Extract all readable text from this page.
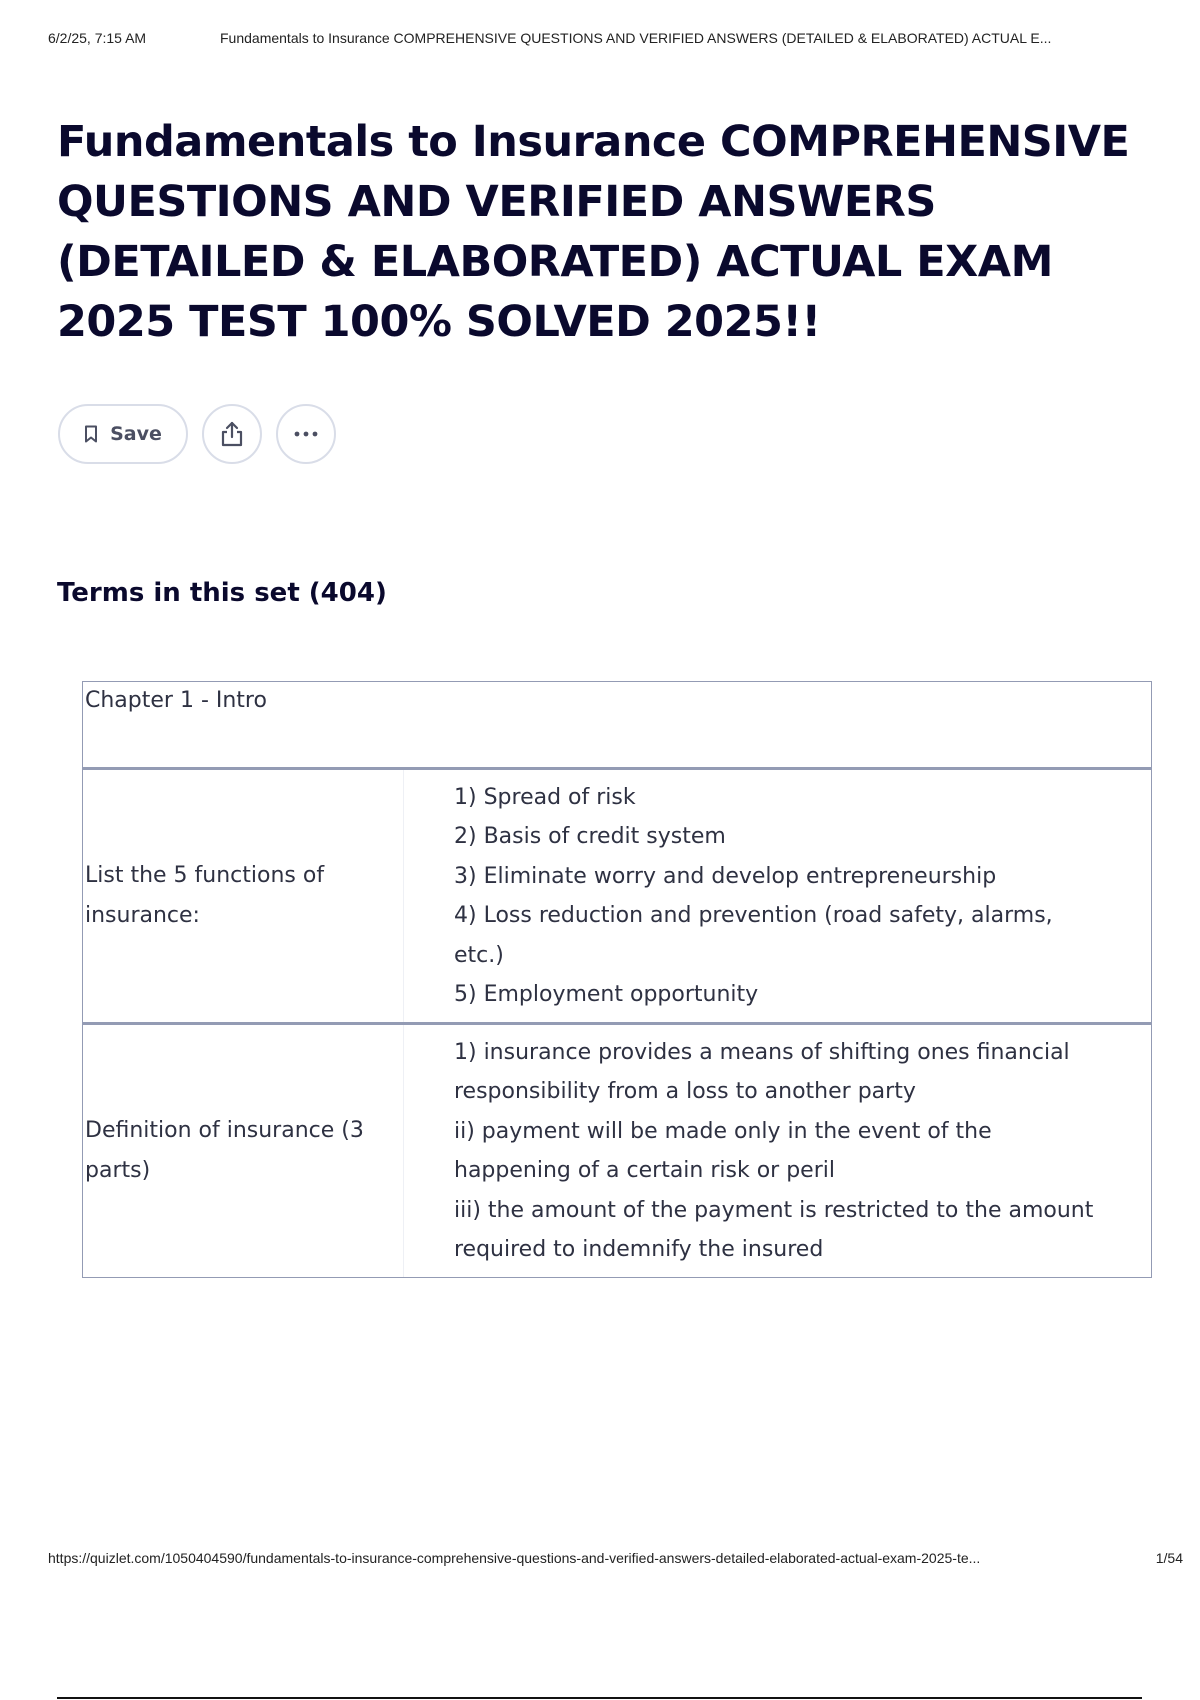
6/2/25, 7:15 AM	Fundamentals to Insurance COMPREHENSIVE QUESTIONS AND VERIFIED ANSWERS (DETAILED & ELABORATED) ACTUAL E...
Fundamentals to Insurance COMPREHENSIVE QUESTIONS AND VERIFIED ANSWERS (DETAILED & ELABORATED) ACTUAL EXAM 2025 TEST 100% SOLVED 2025!!
Save
Terms in this set (404)
Chapter 1 - Intro
List the 5 functions of insurance:
1) Spread of risk
2) Basis of credit system
3) Eliminate worry and develop entrepreneurship
4) Loss reduction and prevention (road safety, alarms, etc.)
5) Employment opportunity
Definition of insurance (3 parts)
1) insurance provides a means of shifting ones financial responsibility from a loss to another party
ii) payment will be made only in the event of the happening of a certain risk or peril
iii) the amount of the payment is restricted to the amount required to indemnify the insured
https://quizlet.com/1050404590/fundamentals-to-insurance-comprehensive-questions-and-verified-answers-detailed-elaborated-actual-exam-2025-te...	1/54
